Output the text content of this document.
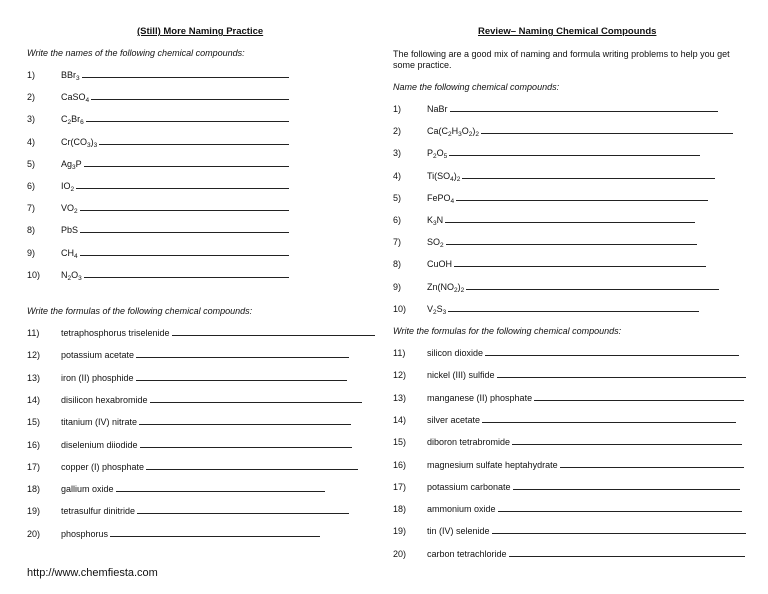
(Still) More Naming Practice
Write the names of the following chemical compounds:
1)	BBr$_3$
2)	CaSO$_4$
3)	$C_2Br_6$
4)	$Cr(CO_3)_3$
5)	$Ag_3P$
6)	$IO_2$
7)	$VO_2$
8)	PbS
9)	$CH_4$
10)	$N_2O_3$
Write the formulas of the following chemical compounds:
11)	tetraphosphorus triselenide
12)	potassium acetate
13)	iron (II) phosphide
14)	disilicon hexabromide
15)	titanium (IV) nitrate
16)	diselenium diiodide
17)	copper (I) phosphate
18)	gallium oxide
19)	tetrasulfur dinitride
20)	phosphorus
Review– Naming Chemical Compounds
The following are a good mix of naming and formula writing problems to help you get some practice.
Name the following chemical compounds:
1)	NaBr
2)	$Ca(C_2H_3O_2)_2$
3)	$P_2O_5$
4)	$Ti(SO_4)_2$
5)	FePO$_4$
6)	$K_3N$
7)	$SO_2$
8)	CuOH
9)	$Zn(NO_2)_2$
10)	$V_2S_3$
Write the formulas for the following chemical compounds:
11)	silicon dioxide
12)	nickel (III) sulfide
13)	manganese (II) phosphate
14)	silver acetate
15)	diboron tetrabromide
16)	magnesium sulfate heptahydrate
17)	potassium carbonate
18)	ammonium oxide
19)	tin (IV) selenide
20)	carbon tetrachloride
http://www.chemfiesta.com
